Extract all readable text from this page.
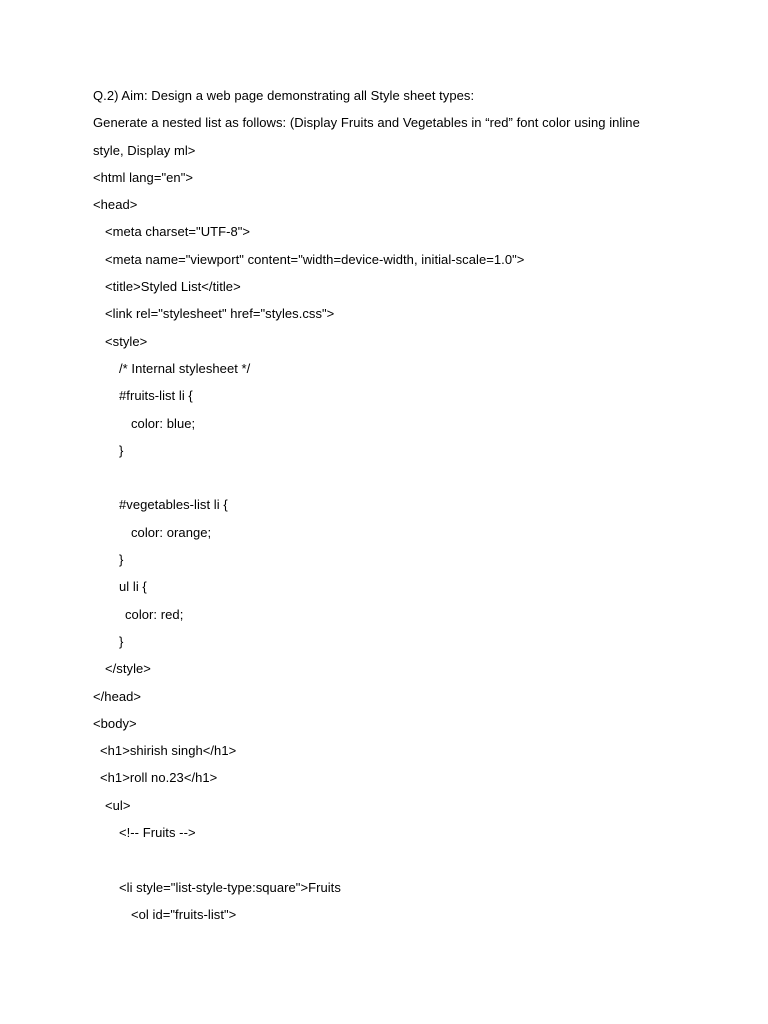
Q.2) Aim: Design a web page demonstrating all Style sheet types:
Generate a nested list as follows: (Display Fruits and Vegetables in “red” font color using inline
style, Display ml>
<html lang="en">
<head>
<meta charset="UTF-8">
<meta name="viewport" content="width=device-width, initial-scale=1.0">
<title>Styled List</title>
<link rel="stylesheet" href="styles.css">
<style>
/* Internal stylesheet */
#fruits-list li {
color: blue;
}
#vegetables-list li {
color: orange;
}
ul li {
color: red;
}
</style>
</head>
<body>
<h1>shirish singh</h1>
<h1>roll no.23</h1>
<ul>
<!-- Fruits -->
<li style="list-style-type:square">Fruits
<ol id="fruits-list">
